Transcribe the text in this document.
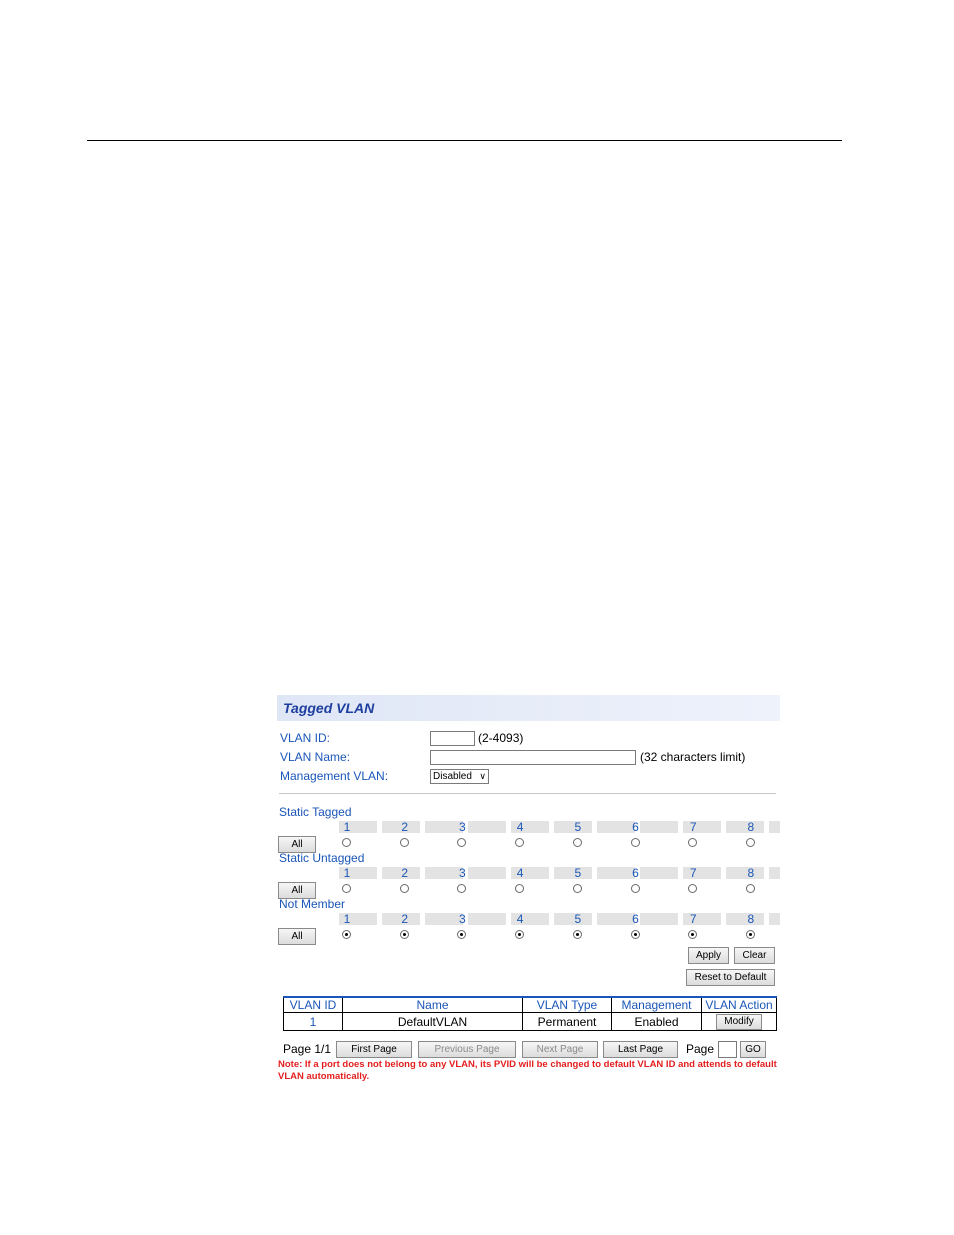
Tagged VLAN
VLAN ID:	(2-4093)
VLAN Name:	(32 characters limit)
Management VLAN:	Disabled ∨
Static Tagged
1	2	3	4	5	6	7	8
All
Static Untagged
1	2	3	4	5	6	7	8
All
Not Member
1	2	3	4	5	6	7	8
All
Apply	Clear
Reset to Default
VLAN ID	Name	VLAN Type	Management	VLAN Action
1	DefaultVLAN	Permanent	Enabled	Modify
Page 1/1	First Page	Previous Page	Next Page	Last Page	Page	GO
Note: If a port does not belong to any VLAN, its PVID will be changed to default VLAN ID and attends to default VLAN automatically.
